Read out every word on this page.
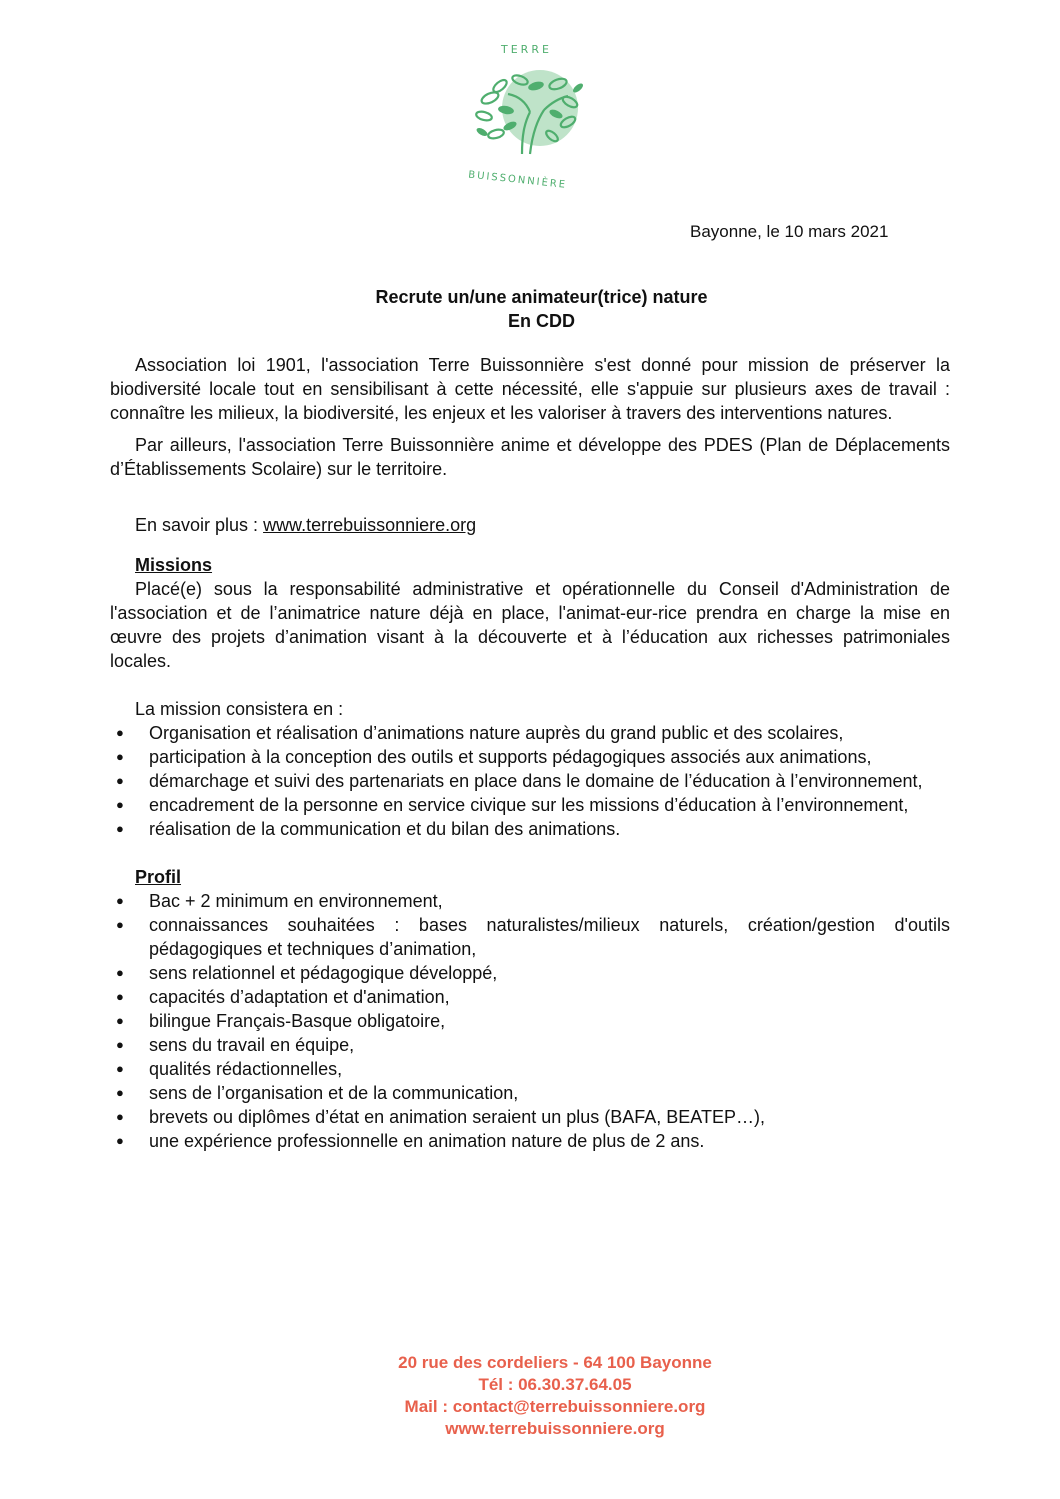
TERRE
BUISSONNIÈRE
Bayonne, le 10 mars 2021
Recrute un/une animateur(trice) nature
En CDD

Association loi 1901, l'association Terre Buissonnière s'est donné pour mission de préserver la biodiversité locale tout en sensibilisant à cette nécessité, elle s'appuie sur plusieurs axes de travail : connaître les milieux, la biodiversité, les enjeux et les valoriser à travers des interventions natures.

Par ailleurs, l'association Terre Buissonnière anime et développe des PDES (Plan de Déplacements d’Établissements Scolaire) sur le territoire.

En savoir plus : www.terrebuissonniere.org

Missions

Placé(e) sous la responsabilité administrative et opérationnelle du Conseil d'Administration de l'association et de l’animatrice nature déjà en place, l'animat-eur-rice prendra en charge la mise en œuvre des projets d’animation visant à la découverte et à l’éducation aux richesses patrimoniales locales.

La mission consistera en :

● Organisation et réalisation d’animations nature auprès du grand public et des scolaires,
● participation à la conception des outils et supports pédagogiques associés aux animations,
● démarchage et suivi des partenariats en place dans le domaine de l’éducation à l’environnement,
● encadrement de la personne en service civique sur les missions d’éducation à l’environnement,
● réalisation de la communication et du bilan des animations.
Profil
● Bac + 2 minimum en environnement,
● connaissances souhaitées : bases naturalistes/milieux naturels, création/gestion d'outils pédagogiques et techniques d’animation,
● sens relationnel et pédagogique développé,
● capacités d’adaptation et d'animation,
● bilingue Français-Basque obligatoire,
● sens du travail en équipe,
● qualités rédactionnelles,
● sens de l’organisation et de la communication,
● brevets ou diplômes d’état en animation seraient un plus (BAFA, BEATEP…),
● une expérience professionnelle en animation nature de plus de 2 ans.
20 rue des cordeliers - 64 100 Bayonne
Tél : 06.30.37.64.05
Mail : contact@terrebuissonniere.org
www.terrebuissonniere.org
